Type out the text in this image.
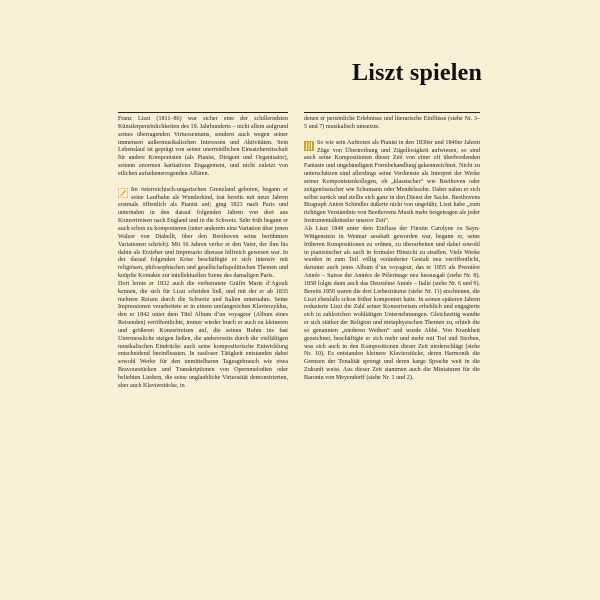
Liszt spielen

Franz Liszt (1811–86) war sicher eine der schillerndsten Künstlerpersönlichkeiten des 19. Jahrhunderts – nicht allein aufgrund seines überragenden Virtuosentums, sondern auch wegen seiner immensen außermusikalischen Interessen und Aktivitäten. Sein Lebenslauf ist geprägt von seiner unermüdlichen Einsatzbereitschaft für andere Komponisten (als Pianist, Dirigent und Organisator), seinem enormen karitativen Engagement, und nicht zuletzt von etlichen aufsehenerregenden Affären.

Im österreichisch-ungarischen Grenzland geboren, begann er seine Laufbahn als Wunderkind, trat bereits mit neun Jahren erstmals öffentlich als Pianist auf; ging 1823 nach Paris und unternahm in den darauf folgenden Jahren von dort aus Konzertreisen nach England und in die Schweiz. Sehr früh begann er auch schon zu komponieren (unter anderem eine Variation über jenen Walzer von Diabelli, über den Beethoven seine berühmten Variationen schrieb). Mit 16 Jahren verlor er den Vater, der ihm bis dahin als Erzieher und Impresario überaus hilfreich gewesen war. In der darauf folgenden Krise beschäftigte er sich intensiv mit religiösen, philosophischen und gesellschaftspolitischen Themen und knüpfte Kontakte zur intellektuellen Szene des damaligen Paris.

Dort lernte er 1832 auch die verheiratete Gräfin Marie d’Agoult kennen, die sich für Liszt scheiden ließ, und mit der er ab 1835 mehrere Reisen durch die Schweiz und Italien unternahm. Seine Impressionen verarbeitete er in einem umfangreichen Klavierzyklus, den er 1842 unter dem Titel Album d’un voyageur (Album eines Reisenden) veröffentlichte, immer wieder brach er auch zu kleineren und größeren Konzertreisen auf, die seinen Ruhm ins fast Unermessliche steigen ließen, die andererseits durch die vielfältigen musikalischen Eindrücke auch seine kompositorische Entwicklung entscheidend beeinflussten. In rastloser Tätigkeit entstanden dabei sowohl Werke für den unmittelbaren Tagesgebrauch wie etwa Bravourstücken und Transkriptionen von Opernmelodien oder beliebten Liedern, die seine unglaubliche Virtuosität demonstrierten, aber auch Klavierstücke, in

denen er persönliche Erlebnisse und literarische Einflüsse (siehe Nr. 3–5 und 7) musikalisch umsetzte.

So wie sein Auftreten als Pianist in den 1830er und 1840er Jahren Züge von Übertreibung und Zügellosigkeit aufwiesen, so sind auch seine Kompositionen dieser Zeit von einer oft überbordenden Fantasie und ungebändigten Formbehandlung gekennzeichnet. Nicht zu unterschätzen sind allerdings seine Verdienste als Interpret der Werke seiner Komponistenkollegen, ob „klassischer“ wie Beethoven oder zeitgenössischer wie Schumann oder Mendelssohn. Dabei nahm er sich selbst zurück und stellte sich ganz in den Dienst der Sache. Beethovens Biograph Anton Schindler äußerte nicht von ungefähr, Liszt habe „zum richtigen Verständnis von Beethovens Musik mehr beigetragen als jeder Instrumentalkünstler unserer Zeit“.

Als Liszt 1848 unter dem Einfluss der Fürstin Carolyne zu Sayn-Wittgenstein in Weimar sesshaft geworden war, begann er, seine früheren Kompositionen zu ordnen, zu überarbeiten und dabei sowohl in pianistischer als auch in formaler Hinsicht zu straffen. Viele Werke wurden in zum Teil völlig veränderter Gestalt neu veröffentlicht, darunter auch jenes Album d’un voyageur, das er 1855 als Première Année – Suisse der Années de Pèlerinage neu herausgab (siehe Nr. 8). 1858 folgte dann auch das Deuxième Année – Italie (siehe Nr. 6 und 9). Bereits 1850 waren die drei Liebesträume (siehe Nr. 11) erschienen, die Liszt ebenfalls schon früher komponiert hatte. In seinen späteren Jahren reduzierte Liszt die Zahl seiner Konzertreisen erheblich und engagierte sich in zahlreichen wohltätigen Unternehmungen. Gleichzeitig wandte er sich stärker der Religion und metaphysischen Themen zu, erhielt die so genannten „niederen Weihen“ und wurde Abbé. Von Krankheit gezeichnet, beschäftigte er sich mehr und mehr mit Tod und Sterben, was sich auch in den Kompositionen dieser Zeit niederschlägt (siehe Nr. 10). Es entstanden kleinere Klavierstücke, deren Harmonik die Grenzen der Tonalität sprengt und deren karge Sprache weit in die Zukunft weist. Aus dieser Zeit stammen auch die Miniaturen für die Baronin von Meyendorff (siehe Nr. 1 und 2).
